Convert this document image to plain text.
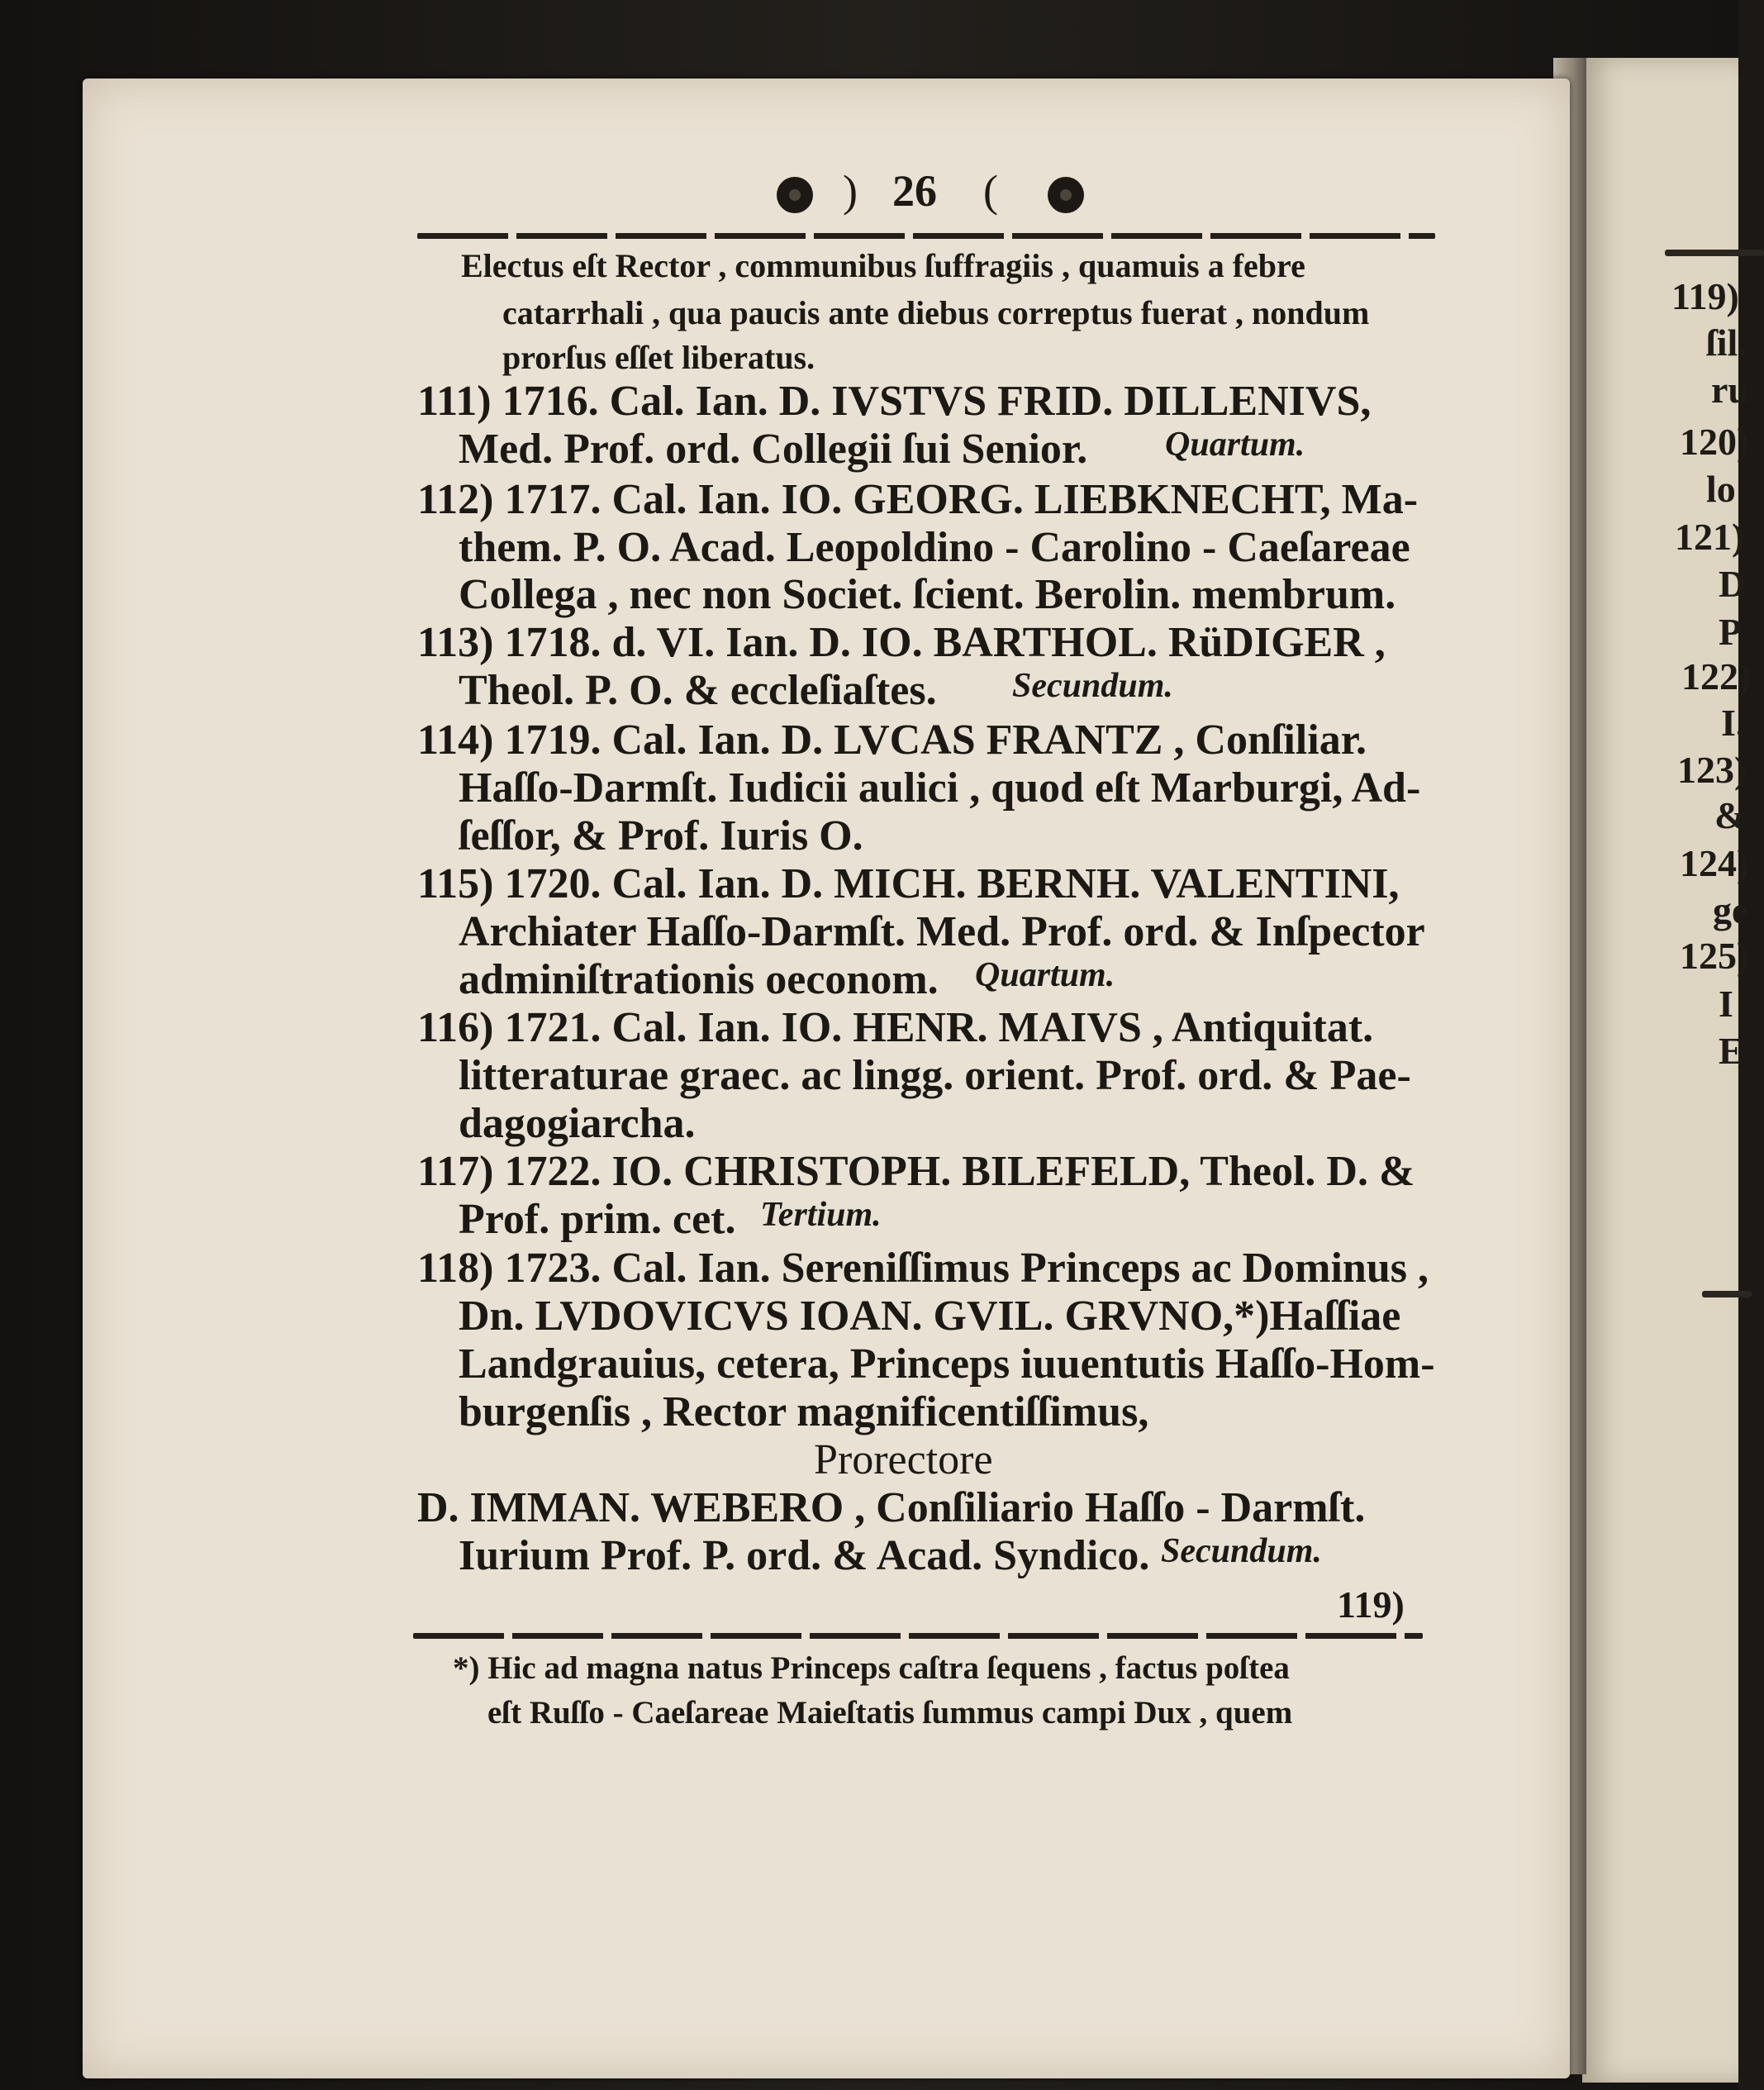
119)
ſil.
ru
120)
lo
121)
D
P
122)
I.
123)
&
124)
ge
125)
I
E
) 26 (
Electus eſt Rector , communibus ſuffragiis , quamuis a febre
catarrhali , qua paucis ante diebus correptus fuerat , nondum
prorſus eſſet liberatus.
111) 1716. Cal. Ian. D. IVSTVS FRID. DILLENIVS,
Med. Prof. ord. Collegii ſui Senior. Quartum.
112) 1717. Cal. Ian. IO. GEORG. LIEBKNECHT, Ma-
them. P. O. Acad. Leopoldino - Carolino - Caeſareae
Collega , nec non Societ. ſcient. Berolin. membrum.
113) 1718. d. VI. Ian. D. IO. BARTHOL. RüDIGER ,
Theol. P. O. & eccleſiaſtes. Secundum.
114) 1719. Cal. Ian. D. LVCAS FRANTZ , Conſiliar.
Haſſo-Darmſt. Iudicii aulici , quod eſt Marburgi, Ad-
ſeſſor, & Prof. Iuris O.
115) 1720. Cal. Ian. D. MICH. BERNH. VALENTINI,
Archiater Haſſo-Darmſt. Med. Prof. ord. & Inſpector
adminiſtrationis oeconom. Quartum.
116) 1721. Cal. Ian. IO. HENR. MAIVS , Antiquitat.
litteraturae graec. ac lingg. orient. Prof. ord. & Pae-
dagogiarcha.
117) 1722. IO. CHRISTOPH. BILEFELD, Theol. D. &
Prof. prim. cet. Tertium.
118) 1723. Cal. Ian. Sereniſſimus Princeps ac Dominus ,
Dn. LVDOVICVS IOAN. GVIL. GRVNO,*)Haſſiae
Landgrauius, cetera, Princeps iuuentutis Haſſo-Hom-
burgenſis , Rector magnificentiſſimus,
Prorectore
D. IMMAN. WEBERO , Conſiliario Haſſo - Darmſt.
Iurium Prof. P. ord. & Acad. Syndico. Secundum.
119)
*) Hic ad magna natus Princeps caſtra ſequens , factus poſtea
eſt Ruſſo - Caeſareae Maieſtatis ſummus campi Dux , quem
